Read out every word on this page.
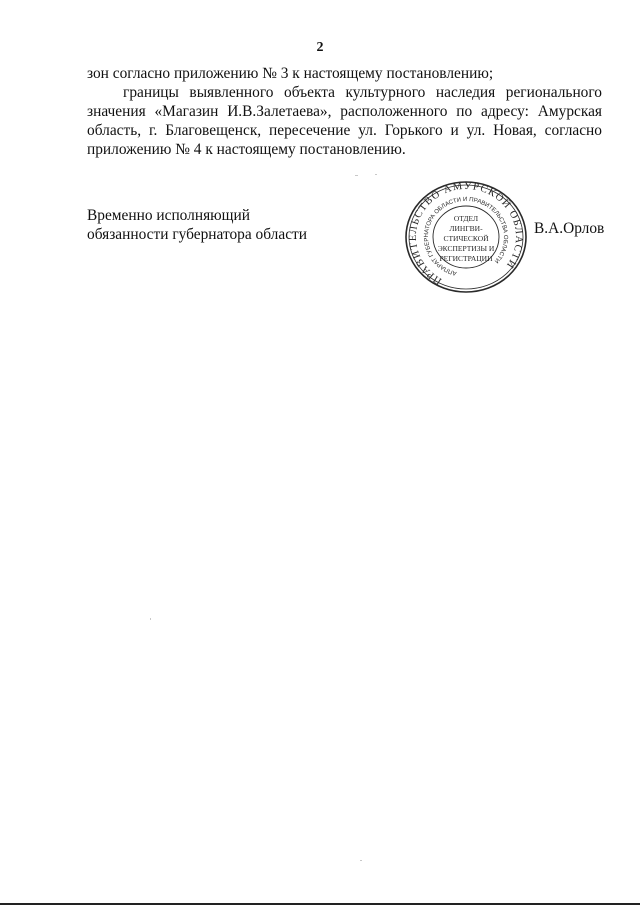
2
зон согласно приложению № 3 к настоящему постановлению;
границы выявленного объекта культурного наследия регионального
значения «Магазин И.В.Залетаева», расположенного по адресу: Амурская
область, г. Благовещенск, пересечение ул. Горького и ул. Новая, согласно
приложению № 4 к настоящему постановлению.
Временно исполняющий
обязанности губернатора области
ПРАВИТЕЛЬСТВО АМУРСКОЙ ОБЛАСТИ
АППАРАТ ГУБЕРНАТОРА ОБЛАСТИ И ПРАВИТЕЛЬСТВА ОБЛАСТИ
ОТДЕЛ
ЛИНГВИ-
СТИЧЕСКОЙ
ЭКСПЕРТИЗЫ И
РЕГИСТРАЦИИ
В.А.Орлов
